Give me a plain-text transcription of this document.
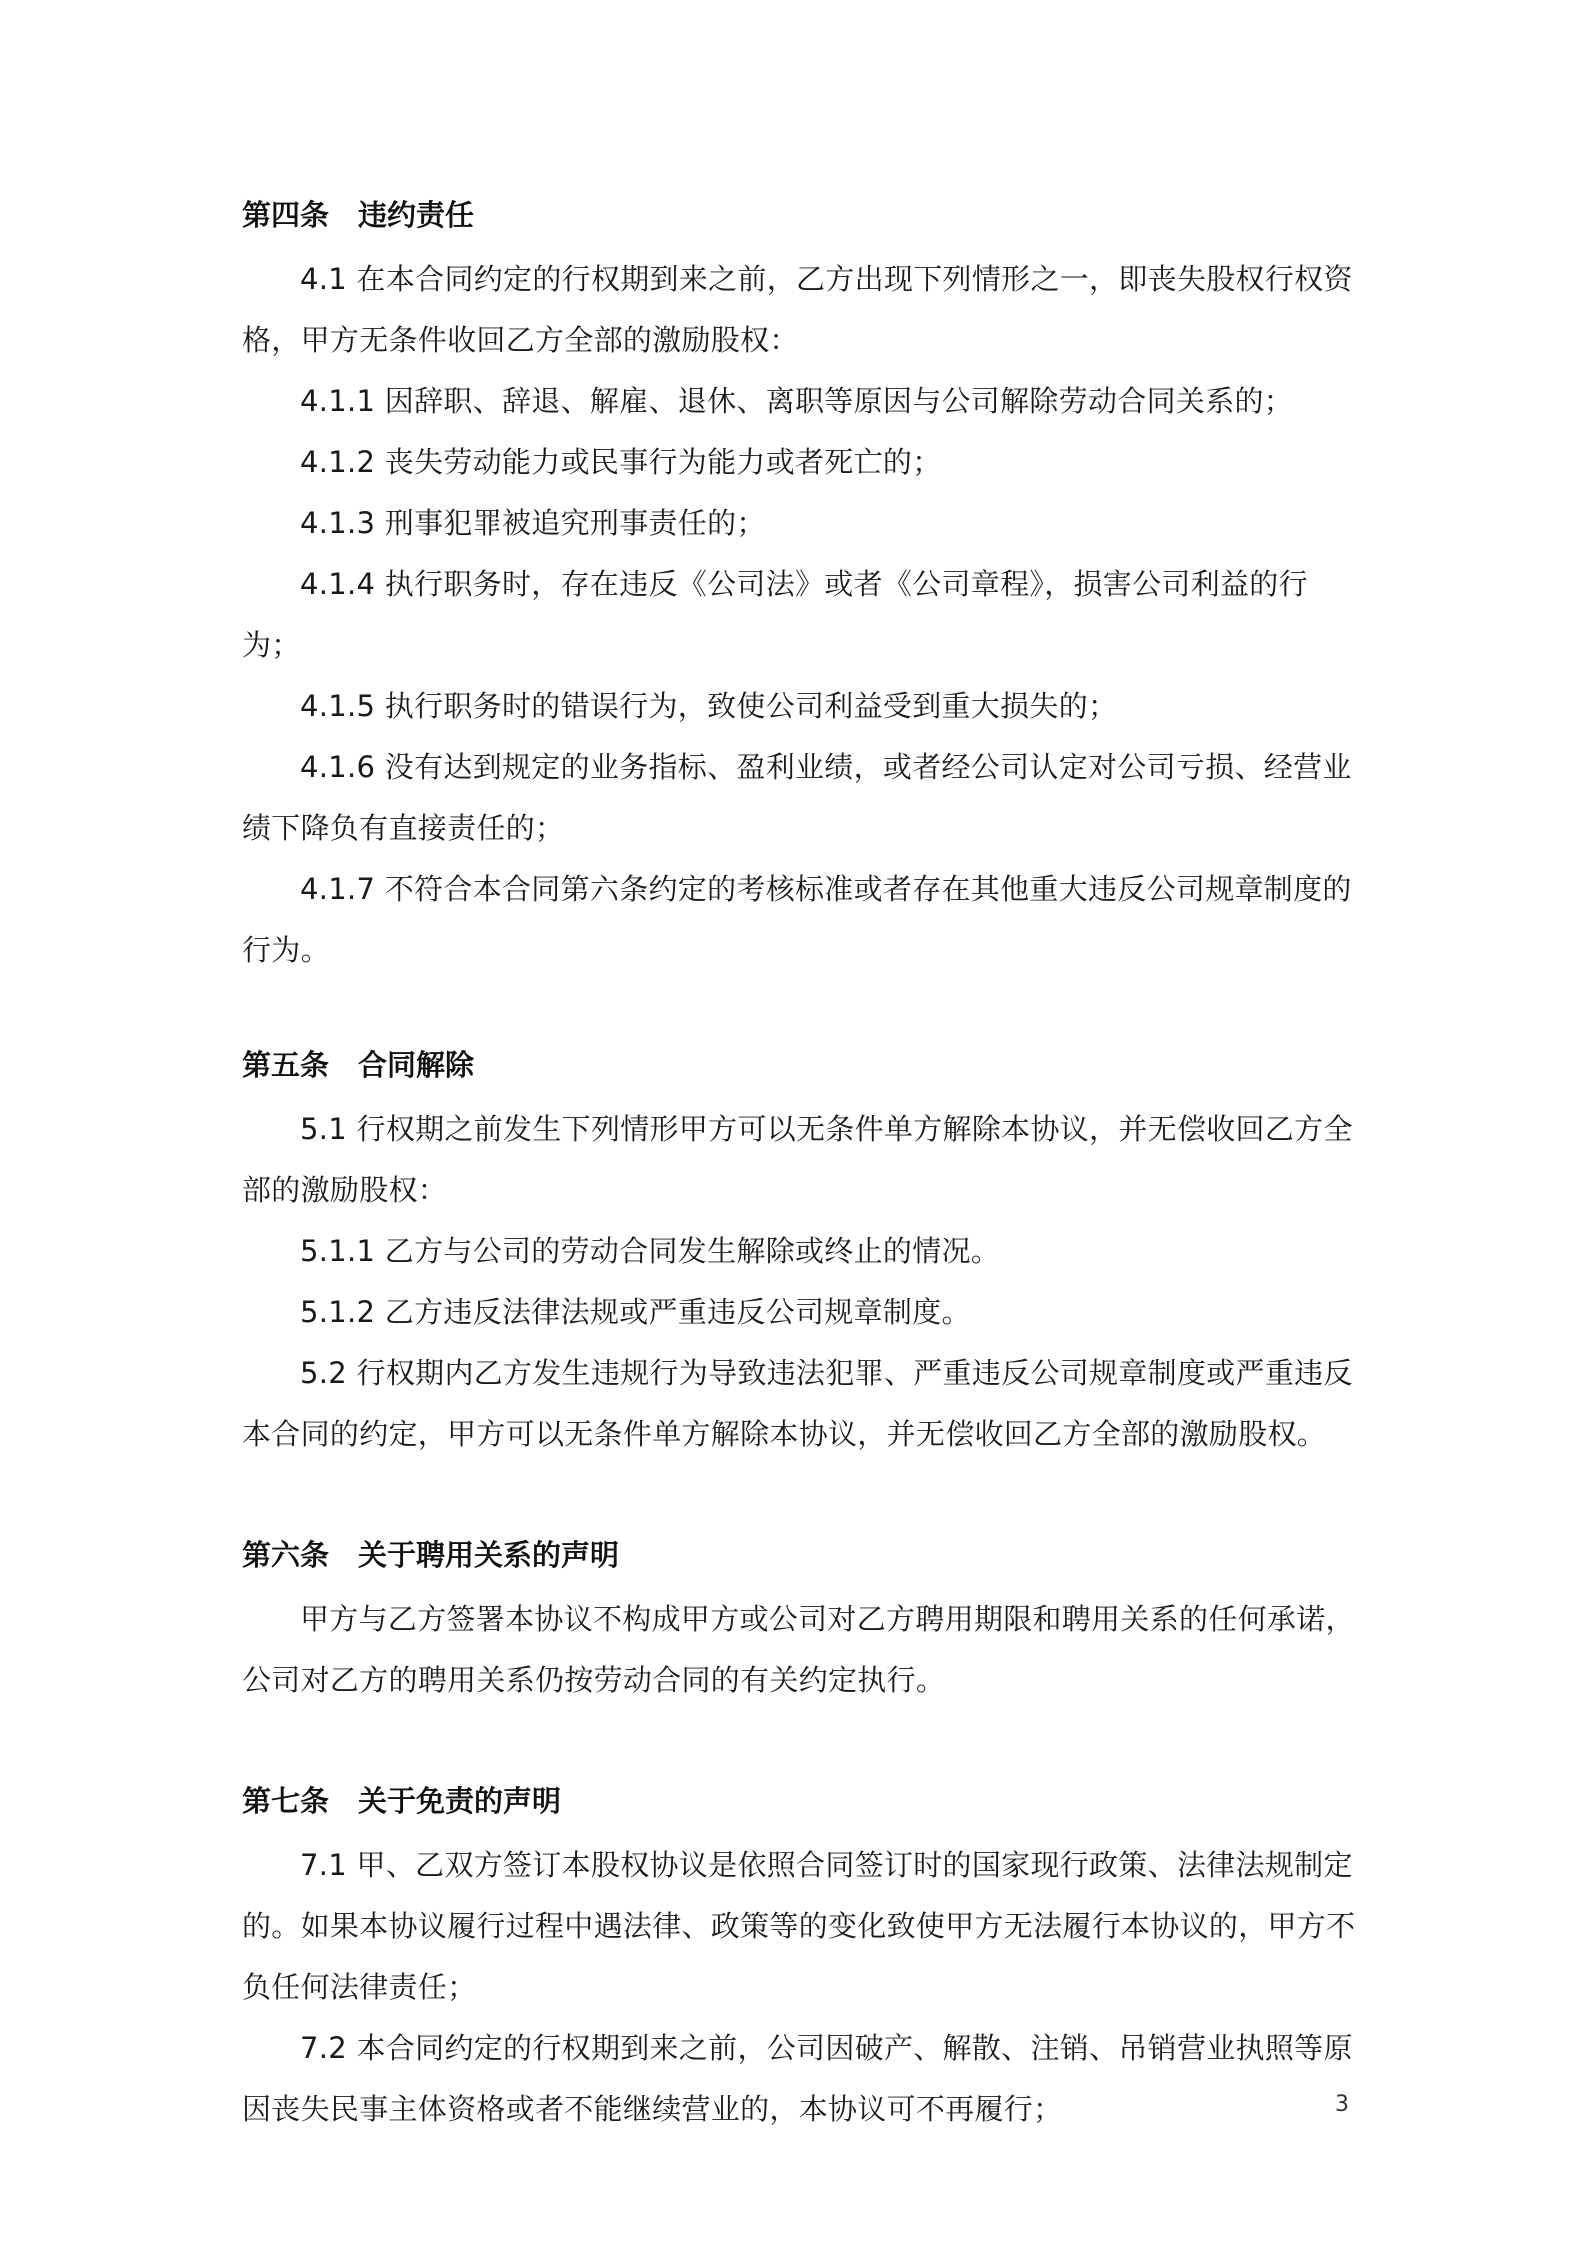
第四条　违约责任

4.1 在本合同约定的行权期到来之前，乙方出现下列情形之一，即丧失股权行权资格，甲方无条件收回乙方全部的激励股权：

4.1.1 因辞职、辞退、解雇、退休、离职等原因与公司解除劳动合同关系的；

4.1.2 丧失劳动能力或民事行为能力或者死亡的；

4.1.3 刑事犯罪被追究刑事责任的；

4.1.4 执行职务时，存在违反《公司法》或者《公司章程》，损害公司利益的行为；

4.1.5 执行职务时的错误行为，致使公司利益受到重大损失的；

4.1.6 没有达到规定的业务指标、盈利业绩，或者经公司认定对公司亏损、经营业绩下降负有直接责任的；

4.1.7 不符合本合同第六条约定的考核标准或者存在其他重大违反公司规章制度的行为。

第五条　合同解除

5.1 行权期之前发生下列情形甲方可以无条件单方解除本协议，并无偿收回乙方全部的激励股权：

5.1.1 乙方与公司的劳动合同发生解除或终止的情况。

5.1.2 乙方违反法律法规或严重违反公司规章制度。

5.2 行权期内乙方发生违规行为导致违法犯罪、严重违反公司规章制度或严重违反本合同的约定，甲方可以无条件单方解除本协议，并无偿收回乙方全部的激励股权。

第六条　关于聘用关系的声明

甲方与乙方签署本协议不构成甲方或公司对乙方聘用期限和聘用关系的任何承诺，公司对乙方的聘用关系仍按劳动合同的有关约定执行。

第七条　关于免责的声明

7.1 甲、乙双方签订本股权协议是依照合同签订时的国家现行政策、法律法规制定的。如果本协议履行过程中遇法律、政策等的变化致使甲方无法履行本协议的，甲方不负任何法律责任；

7.2 本合同约定的行权期到来之前，公司因破产、解散、注销、吊销营业执照等原因丧失民事主体资格或者不能继续营业的，本协议可不再履行；	3
